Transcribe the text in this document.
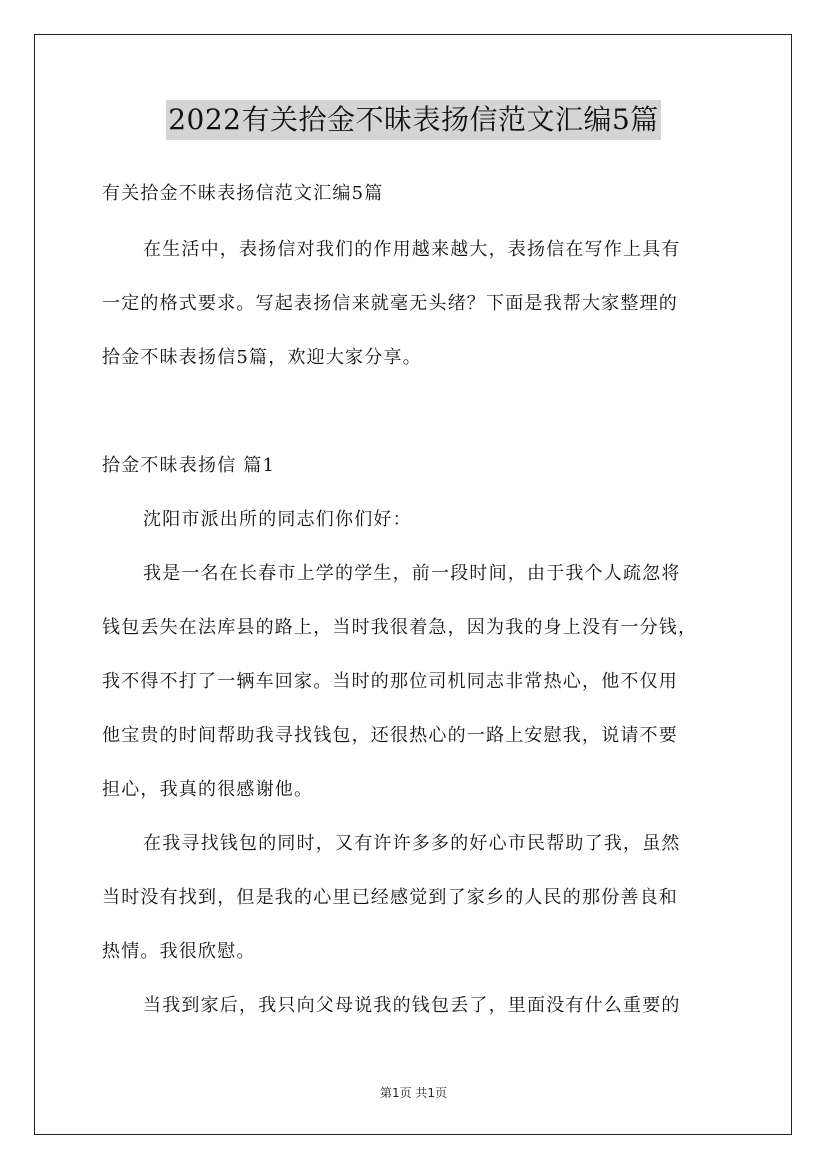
2022有关拾金不昧表扬信范文汇编5篇
有关拾金不昧表扬信范文汇编5篇
在生活中，表扬信对我们的作用越来越大，表扬信在写作上具有
一定的格式要求。写起表扬信来就毫无头绪？下面是我帮大家整理的
拾金不昧表扬信5篇，欢迎大家分享。
拾金不昧表扬信 篇1
沈阳市派出所的同志们你们好：
我是一名在长春市上学的学生，前一段时间，由于我个人疏忽将
钱包丢失在法库县的路上，当时我很着急，因为我的身上没有一分钱，
我不得不打了一辆车回家。当时的那位司机同志非常热心，他不仅用
他宝贵的时间帮助我寻找钱包，还很热心的一路上安慰我，说请不要
担心，我真的很感谢他。
在我寻找钱包的同时，又有许许多多的好心市民帮助了我，虽然
当时没有找到，但是我的心里已经感觉到了家乡的人民的那份善良和
热情。我很欣慰。
当我到家后，我只向父母说我的钱包丢了，里面没有什么重要的
第1页 共1页
